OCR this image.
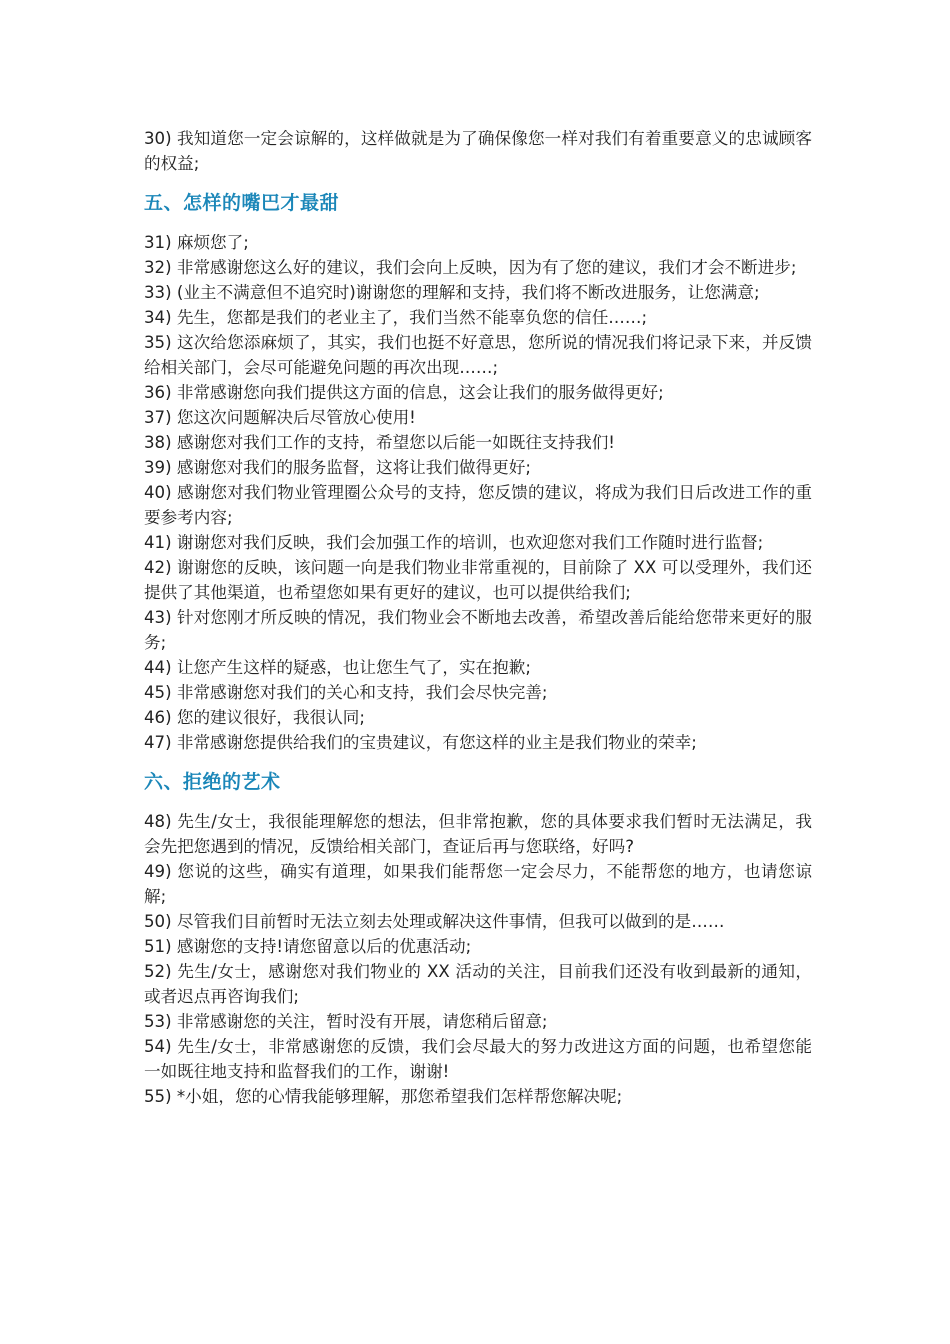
30) 我知道您一定会谅解的，这样做就是为了确保像您一样对我们有着重要意义的忠诚顾客的权益;

五、怎样的嘴巴才最甜

31) 麻烦您了;

32) 非常感谢您这么好的建议，我们会向上反映，因为有了您的建议，我们才会不断进步;

33) (业主不满意但不追究时)谢谢您的理解和支持，我们将不断改进服务，让您满意;

34) 先生，您都是我们的老业主了，我们当然不能辜负您的信任……;

35) 这次给您添麻烦了，其实，我们也挺不好意思，您所说的情况我们将记录下来，并反馈给相关部门，会尽可能避免问题的再次出现……;

36) 非常感谢您向我们提供这方面的信息，这会让我们的服务做得更好;

37) 您这次问题解决后尽管放心使用!

38) 感谢您对我们工作的支持，希望您以后能一如既往支持我们!

39) 感谢您对我们的服务监督，这将让我们做得更好;

40) 感谢您对我们物业管理圈公众号的支持，您反馈的建议，将成为我们日后改进工作的重要参考内容;

41) 谢谢您对我们反映，我们会加强工作的培训，也欢迎您对我们工作随时进行监督;

42) 谢谢您的反映，该问题一向是我们物业非常重视的，目前除了 XX 可以受理外，我们还提供了其他渠道，也希望您如果有更好的建议，也可以提供给我们;

43) 针对您刚才所反映的情况，我们物业会不断地去改善，希望改善后能给您带来更好的服务;

44) 让您产生这样的疑惑，也让您生气了，实在抱歉;

45) 非常感谢您对我们的关心和支持，我们会尽快完善;

46) 您的建议很好，我很认同;

47) 非常感谢您提供给我们的宝贵建议，有您这样的业主是我们物业的荣幸;

六、拒绝的艺术

48) 先生/女士，我很能理解您的想法，但非常抱歉，您的具体要求我们暂时无法满足，我会先把您遇到的情况，反馈给相关部门，查证后再与您联络，好吗?

49) 您说的这些，确实有道理，如果我们能帮您一定会尽力，不能帮您的地方，也请您谅解;

50) 尽管我们目前暂时无法立刻去处理或解决这件事情，但我可以做到的是……

51) 感谢您的支持!请您留意以后的优惠活动;

52) 先生/女士，感谢您对我们物业的 XX 活动的关注，目前我们还没有收到最新的通知，或者迟点再咨询我们;

53) 非常感谢您的关注，暂时没有开展，请您稍后留意;

54) 先生/女士，非常感谢您的反馈，我们会尽最大的努力改进这方面的问题，也希望您能一如既往地支持和监督我们的工作，谢谢!

55) *小姐，您的心情我能够理解，那您希望我们怎样帮您解决呢;
